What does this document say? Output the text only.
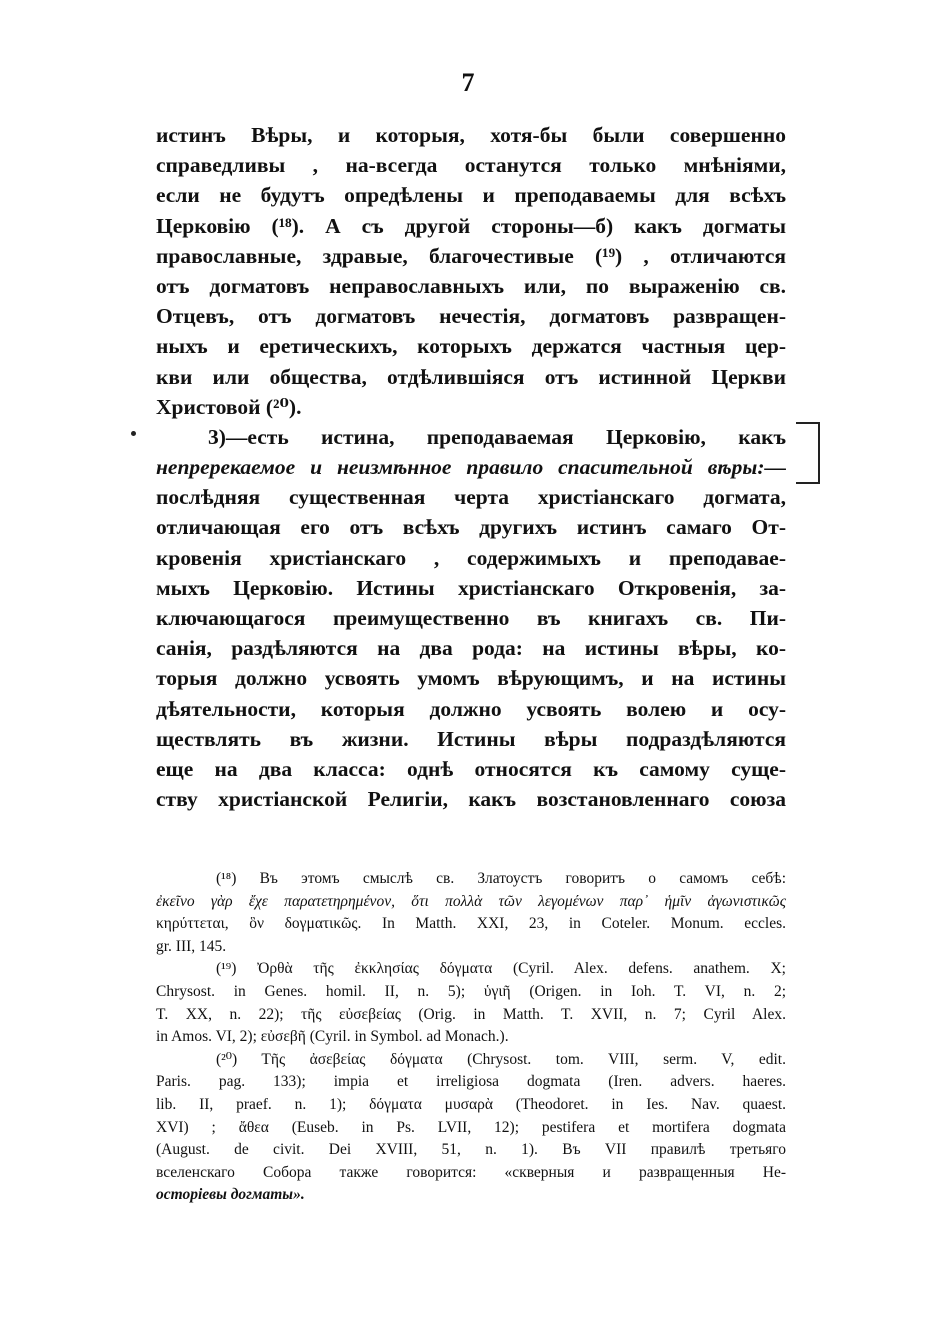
7
истинъ Вѣры, и которыя, хотя-бы были совершенно
справедливы , на-всегда останутся только мнѣніями,
если не будутъ опредѣлены и преподаваемы для всѣхъ
Церковію (¹⁸). А съ другой стороны—б) какъ догматы
православные, здравые, благочестивые (¹⁹) , отличаются
отъ догматовъ неправославныхъ или, по выраженію св.
Отцевъ, отъ догматовъ нечестія, догматовъ развращен-
ныхъ и еретическихъ, которыхъ держатся частныя цер-
кви или общества, отдѣлившіяся отъ истинной Церкви
Христовой (²⁰).
3)—есть истина, преподаваемая Церковію, какъ
непререкаемое и неизмѣнное правило спасительной вѣры:—
послѣдняя существенная черта христіанскаго догмата,
отличающая его отъ всѣхъ другихъ истинъ самаго От-
кровенія христіанскаго , содержимыхъ и преподавае-
мыхъ Церковію. Истины христіанскаго Откровенія, за-
ключающагося преимущественно въ книгахъ св. Пи-
санія, раздѣляются на два рода: на истины вѣры, ко-
торыя должно усвоять умомъ вѣрующимъ, и на истины
дѣятельности, которыя должно усвоять волею и осу-
ществлять въ жизни. Истины вѣры подраздѣляются
еще на два класса: однѣ относятся къ самому суще-
ству христіанской Религіи, какъ возстановленнаго союза
(¹⁸) Въ этомъ смыслѣ св. Златоустъ говоритъ о самомъ себѣ:
ἐκεῖνο γὰρ ἔχε παρατετηρημένον, ὅτι πολλὰ τῶν λεγομένων παρ᾽ ἡμῖν ἀγωνιστικῶς
κηρύττεται, ὃν δογματικῶς. In Matth. XXI, 23, in Coteler. Monum. eccles.
gr. III, 145.
(¹⁹) Ὀρθὰ τῆς ἐκκλησίας δόγματα (Cyril. Alex. defens. anathem. X;
Chrysost. in Genes. homil. II, n. 5); ὑγιῆ (Origen. in Ioh. T. VI, n. 2;
T. XX, n. 22); τῆς εὐσεβείας (Orig. in Matth. T. XVII, n. 7; Cyril Alex.
in Amos. VI, 2); εὐσεβῆ (Cyril. in Symbol. ad Monach.).
(²⁰) Τῆς ἀσεβείας δόγματα (Chrysost. tom. VIII, serm. V, edit.
Paris. pag. 133); impia et irreligiosa dogmata (Iren. advers. haeres.
lib. II, praef. n. 1); δόγματα μυσαρὰ (Theodoret. in Ies. Nav. quaest.
XVI) ; ἄθεα (Euseb. in Ps. LVII, 12); pestifera et mortifera dogmata
(August. de civit. Dei XVIII, 51, n. 1). Въ VII правилѣ третьяго
вселенскаго Собора также говорится: «скверныя и развращенныя Не-
осторіевы догматы».
